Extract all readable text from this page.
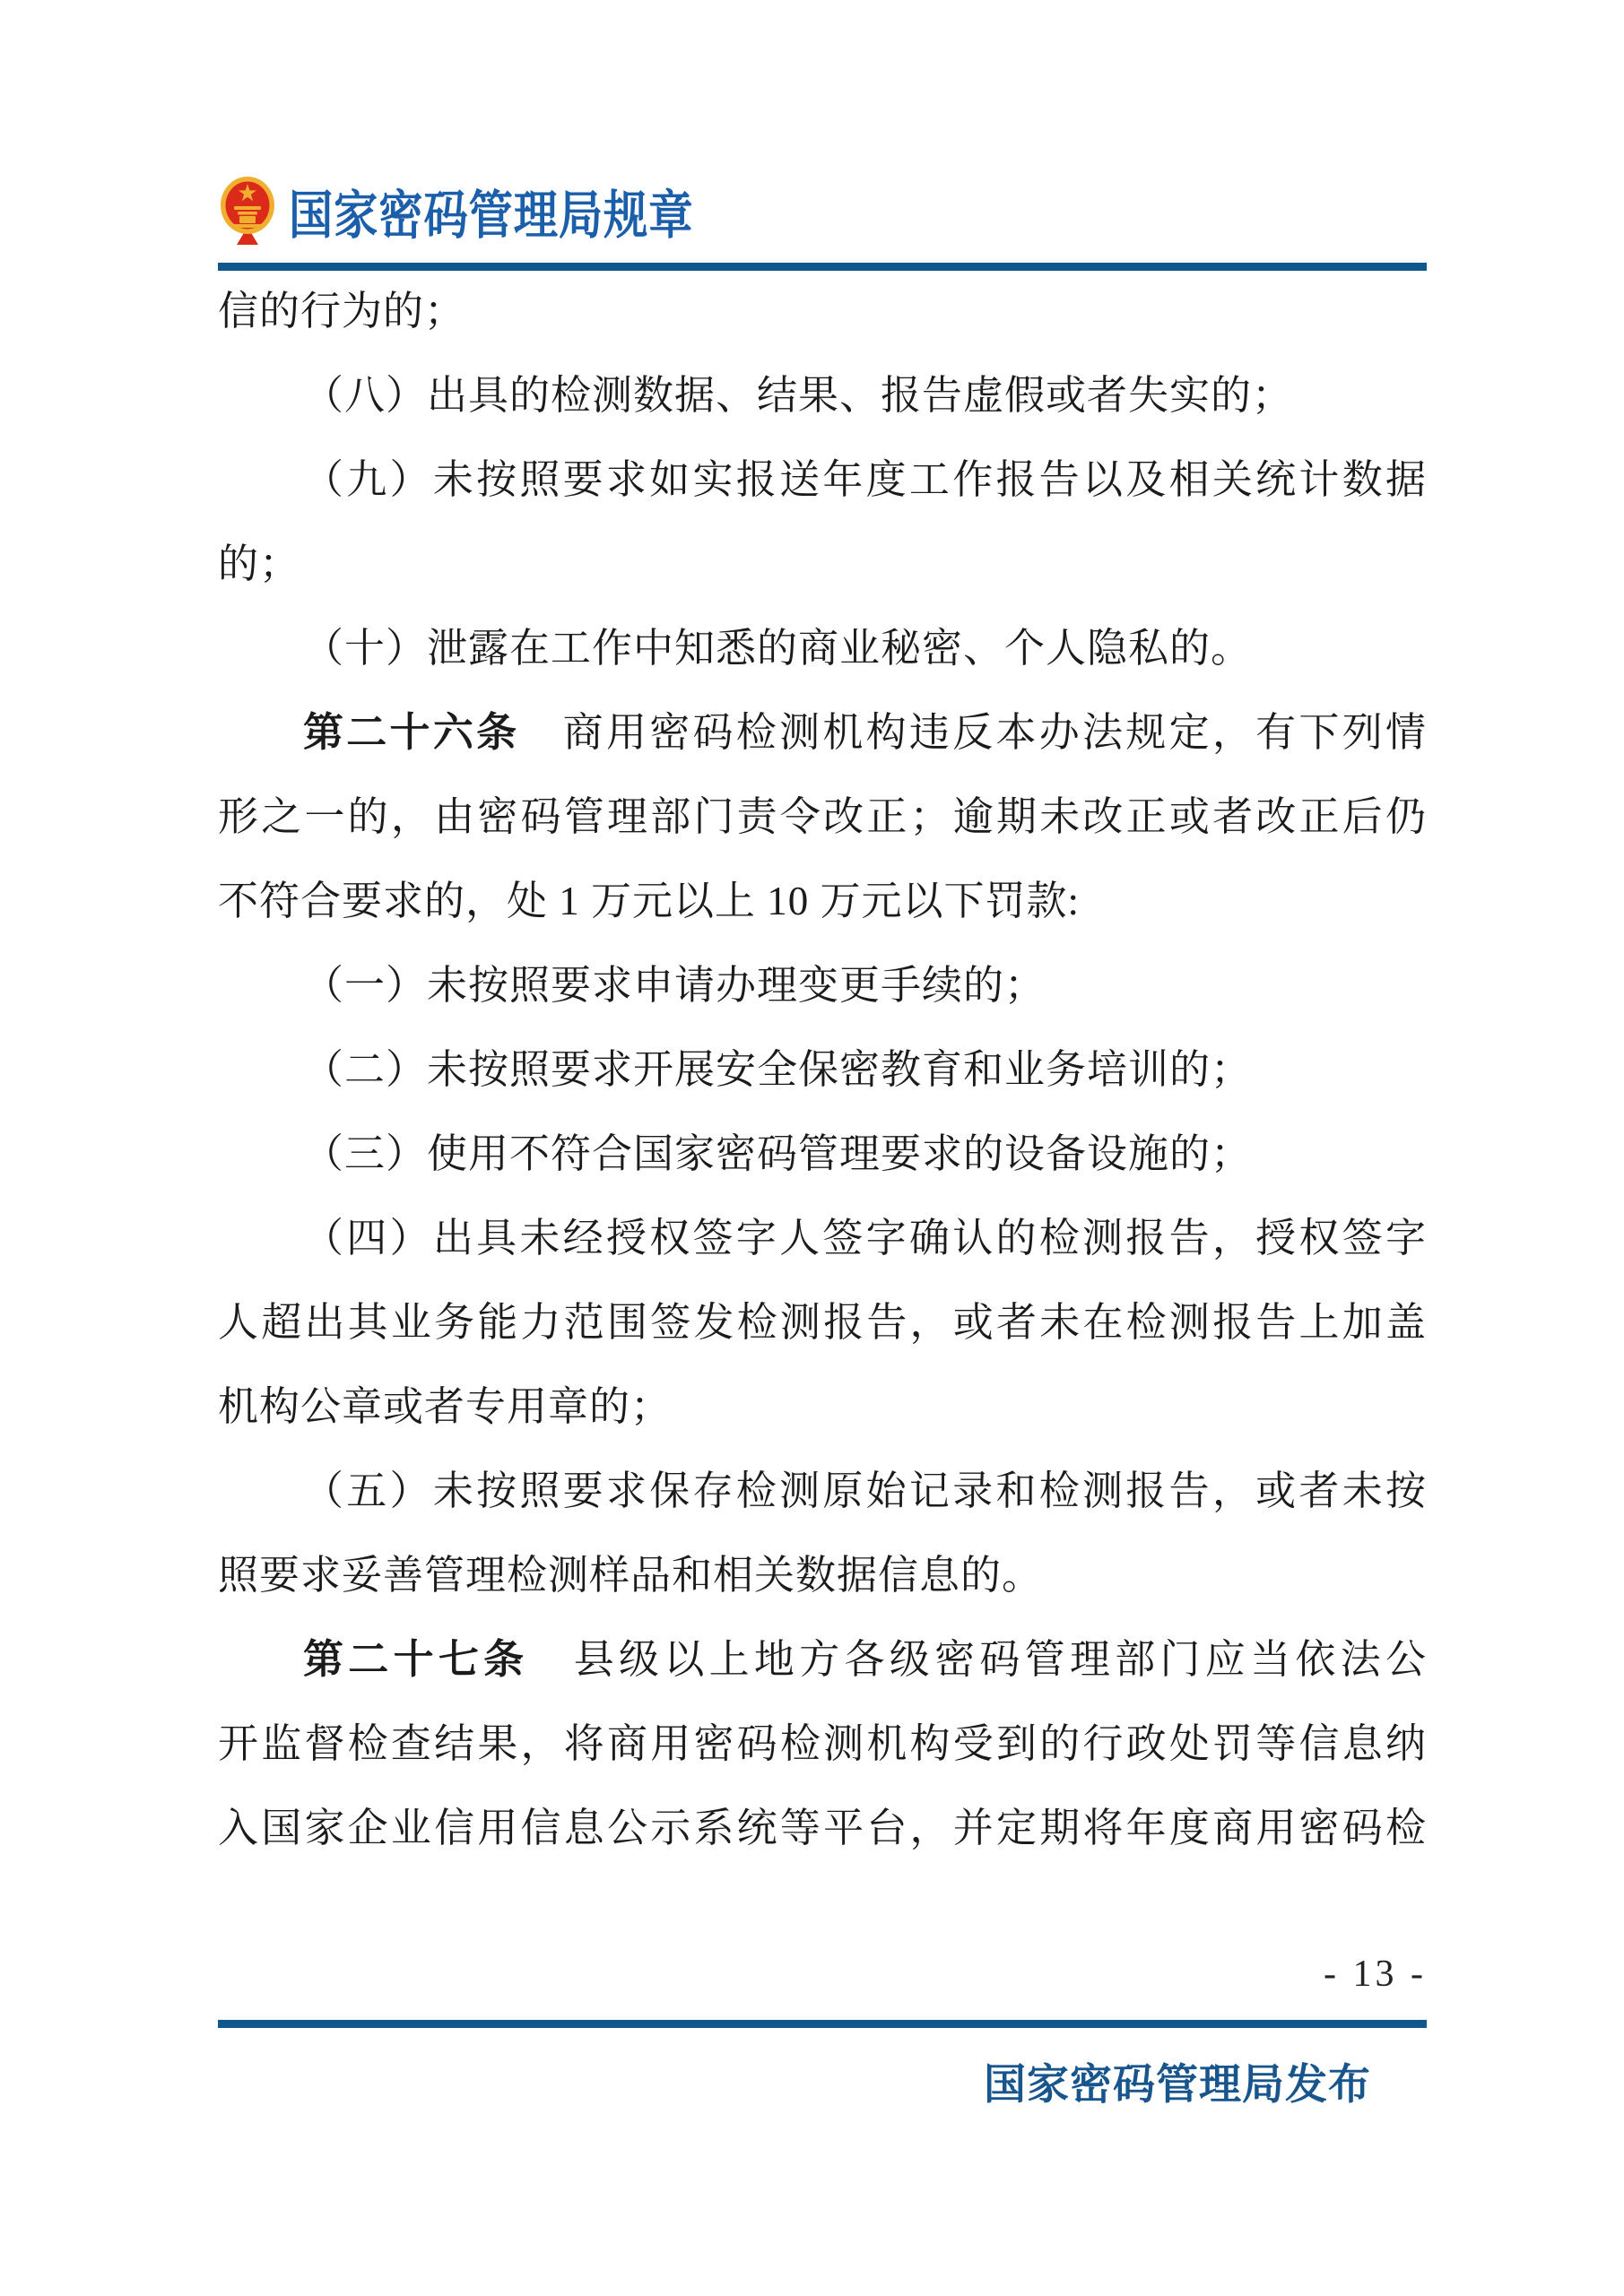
国家密码管理局规章
信的行为的；
（八）出具的检测数据、结果、报告虚假或者失实的；
（九）未按照要求如实报送年度工作报告以及相关统计数据
的；
（十）泄露在工作中知悉的商业秘密、个人隐私的。
第二十六条　商用密码检测机构违反本办法规定，有下列情
形之一的，由密码管理部门责令改正；逾期未改正或者改正后仍
不符合要求的，处 1 万元以上 10 万元以下罚款:
（一）未按照要求申请办理变更手续的；
（二）未按照要求开展安全保密教育和业务培训的；
（三）使用不符合国家密码管理要求的设备设施的；
（四）出具未经授权签字人签字确认的检测报告，授权签字
人超出其业务能力范围签发检测报告，或者未在检测报告上加盖
机构公章或者专用章的；
（五）未按照要求保存检测原始记录和检测报告，或者未按
照要求妥善管理检测样品和相关数据信息的。
第二十七条　县级以上地方各级密码管理部门应当依法公
开监督检查结果，将商用密码检测机构受到的行政处罚等信息纳
入国家企业信用信息公示系统等平台，并定期将年度商用密码检
- 13 -
国家密码管理局发布
